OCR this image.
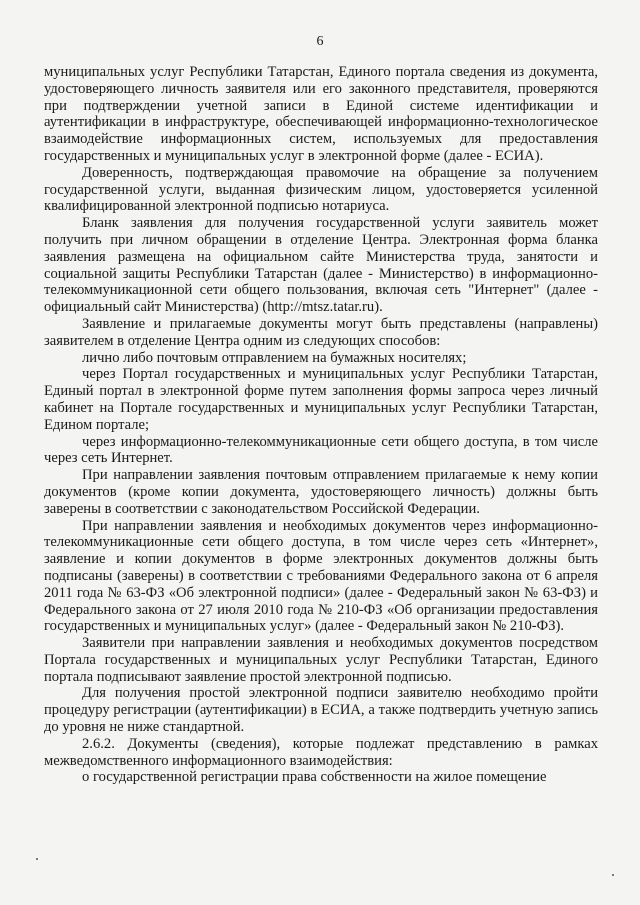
6

муниципальных услуг Республики Татарстан, Единого портала сведения из документа, удостоверяющего личность заявителя или его законного представителя, проверяются при подтверждении учетной записи в Единой системе идентификации и аутентификации в инфраструктуре, обеспечивающей информационно-технологическое взаимодействие информационных систем, используемых для предоставления государственных и муниципальных услуг в электронной форме (далее - ЕСИА).

Доверенность, подтверждающая правомочие на обращение за получением государственной услуги, выданная физическим лицом, удостоверяется усиленной квалифицированной электронной подписью нотариуса.

Бланк заявления для получения государственной услуги заявитель может получить при личном обращении в отделение Центра. Электронная форма бланка заявления размещена на официальном сайте Министерства труда, занятости и социальной защиты Республики Татарстан (далее - Министерство) в информационно-телекоммуникационной сети общего пользования, включая сеть "Интернет" (далее - официальный сайт Министерства) (http://mtsz.tatar.ru).

Заявление и прилагаемые документы могут быть представлены (направлены) заявителем в отделение Центра одним из следующих способов:

лично либо почтовым отправлением на бумажных носителях;

через Портал государственных и муниципальных услуг Республики Татарстан, Единый портал в электронной форме путем заполнения формы запроса через личный кабинет на Портале государственных и муниципальных услуг Республики Татарстан, Едином портале;

через информационно-телекоммуникационные сети общего доступа, в том числе через сеть Интернет.

При направлении заявления почтовым отправлением прилагаемые к нему копии документов (кроме копии документа, удостоверяющего личность) должны быть заверены в соответствии с законодательством Российской Федерации.

При направлении заявления и необходимых документов через информационно-телекоммуникационные сети общего доступа, в том числе через сеть «Интернет», заявление и копии документов в форме электронных документов должны быть подписаны (заверены) в соответствии с требованиями Федерального закона от 6 апреля 2011 года № 63-ФЗ «Об электронной подписи» (далее - Федеральный закон № 63-ФЗ) и Федерального закона от 27 июля 2010 года № 210-ФЗ «Об организации предоставления государственных и муниципальных услуг» (далее - Федеральный закон № 210-ФЗ).

Заявители при направлении заявления и необходимых документов посредством Портала государственных и муниципальных услуг Республики Татарстан, Единого портала подписывают заявление простой электронной подписью.

Для получения простой электронной подписи заявителю необходимо пройти процедуру регистрации (аутентификации) в ЕСИА, а также подтвердить учетную запись до уровня не ниже стандартной.

2.6.2. Документы (сведения), которые подлежат представлению в рамках межведомственного информационного взаимодействия:

о государственной регистрации права собственности на жилое помещение
